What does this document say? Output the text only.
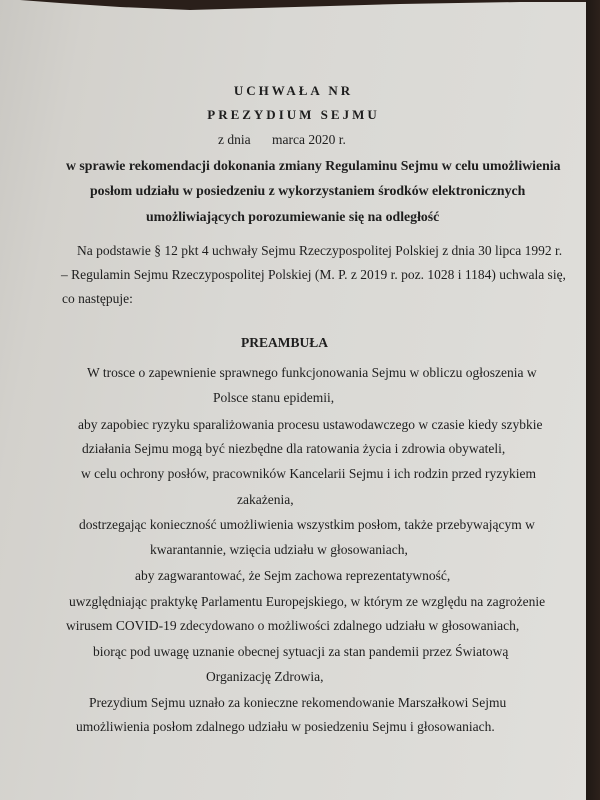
UCHWAŁA NR
PREZYDIUM SEJMU
z dnia marca 2020 r.
w sprawie rekomendacji dokonania zmiany Regulaminu Sejmu w celu umożliwienia
posłom udziału w posiedzeniu z wykorzystaniem środków elektronicznych
umożliwiających porozumiewanie się na odległość
Na podstawie § 12 pkt 4 uchwały Sejmu Rzeczypospolitej Polskiej z dnia 30 lipca 1992 r.
– Regulamin Sejmu Rzeczypospolitej Polskiej (M. P. z 2019 r. poz. 1028 i 1184) uchwala się,
co następuje:
PREAMBUŁA
W trosce o zapewnienie sprawnego funkcjonowania Sejmu w obliczu ogłoszenia w
Polsce stanu epidemii,
aby zapobiec ryzyku sparaliżowania procesu ustawodawczego w czasie kiedy szybkie
działania Sejmu mogą być niezbędne dla ratowania życia i zdrowia obywateli,
w celu ochrony posłów, pracowników Kancelarii Sejmu i ich rodzin przed ryzykiem
zakażenia,
dostrzegając konieczność umożliwienia wszystkim posłom, także przebywającym w
kwarantannie, wzięcia udziału w głosowaniach,
aby zagwarantować, że Sejm zachowa reprezentatywność,
uwzględniając praktykę Parlamentu Europejskiego, w którym ze względu na zagrożenie
wirusem COVID-19 zdecydowano o możliwości zdalnego udziału w głosowaniach,
biorąc pod uwagę uznanie obecnej sytuacji za stan pandemii przez Światową
Organizację Zdrowia,
Prezydium Sejmu uznało za konieczne rekomendowanie Marszałkowi Sejmu
umożliwienia posłom zdalnego udziału w posiedzeniu Sejmu i głosowaniach.
